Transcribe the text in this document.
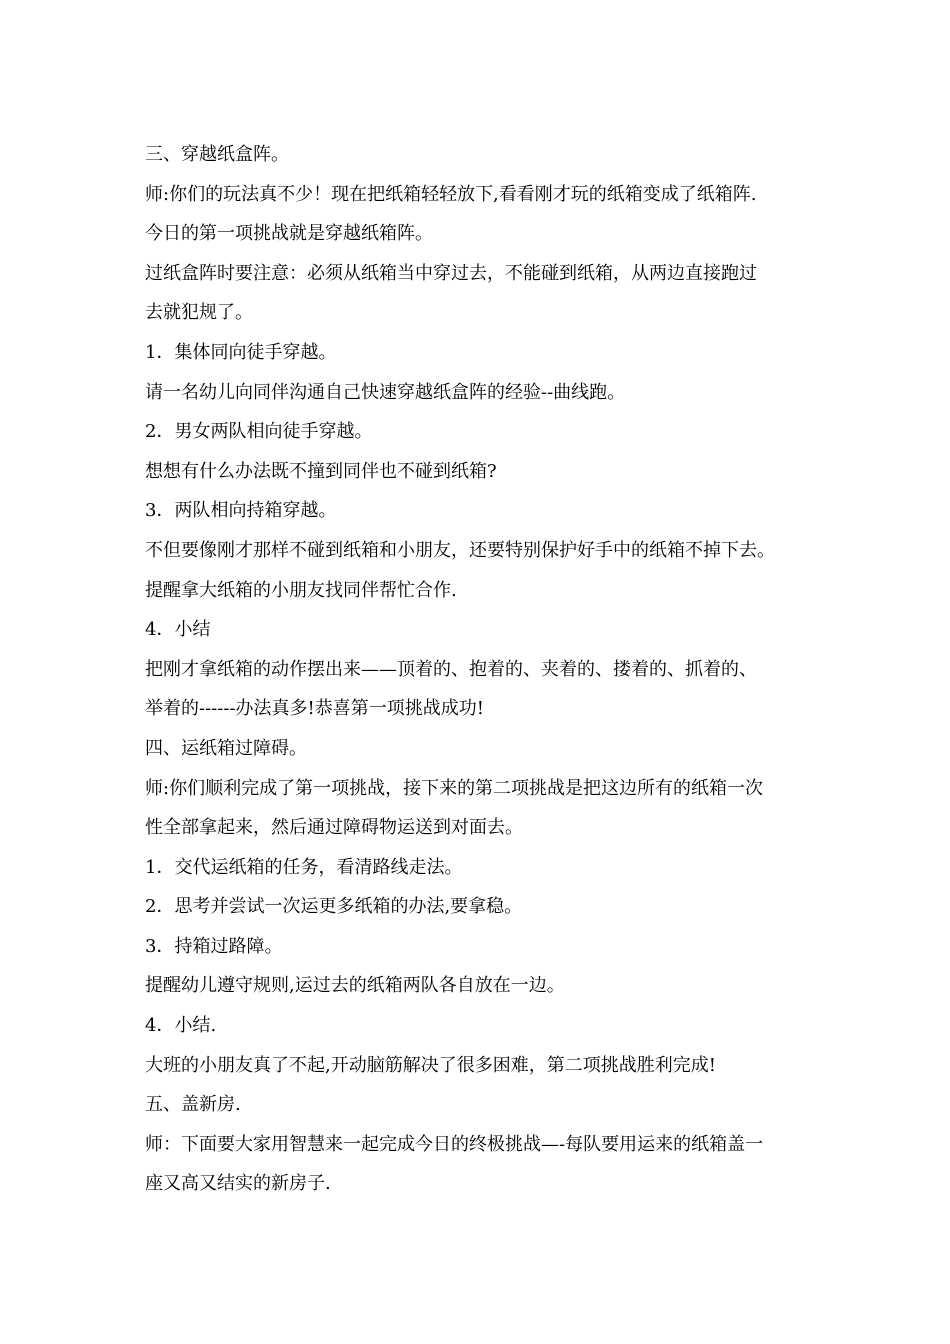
三、穿越纸盒阵。
师:你们的玩法真不少！现在把纸箱轻轻放下,看看刚才玩的纸箱变成了纸箱阵.
今日的第一项挑战就是穿越纸箱阵。
过纸盒阵时要注意：必须从纸箱当中穿过去，不能碰到纸箱，从两边直接跑过
去就犯规了。
1．集体同向徒手穿越。
请一名幼儿向同伴沟通自己快速穿越纸盒阵的经验--曲线跑。
2．男女两队相向徒手穿越。
想想有什么办法既不撞到同伴也不碰到纸箱?
3．两队相向持箱穿越。
不但要像刚才那样不碰到纸箱和小朋友，还要特别保护好手中的纸箱不掉下去。
提醒拿大纸箱的小朋友找同伴帮忙合作.
4．小结
把刚才拿纸箱的动作摆出来——顶着的、抱着的、夹着的、搂着的、抓着的、
举着的------办法真多!恭喜第一项挑战成功!
四、运纸箱过障碍。
师:你们顺利完成了第一项挑战，接下来的第二项挑战是把这边所有的纸箱一次
性全部拿起来，然后通过障碍物运送到对面去。
1．交代运纸箱的任务，看清路线走法。
2．思考并尝试一次运更多纸箱的办法,要拿稳。
3．持箱过路障。
提醒幼儿遵守规则,运过去的纸箱两队各自放在一边。
4．小结.
大班的小朋友真了不起,开动脑筋解决了很多困难，第二项挑战胜利完成!
五、盖新房.
师：下面要大家用智慧来一起完成今日的终极挑战—-每队要用运来的纸箱盖一
座又高又结实的新房子.
